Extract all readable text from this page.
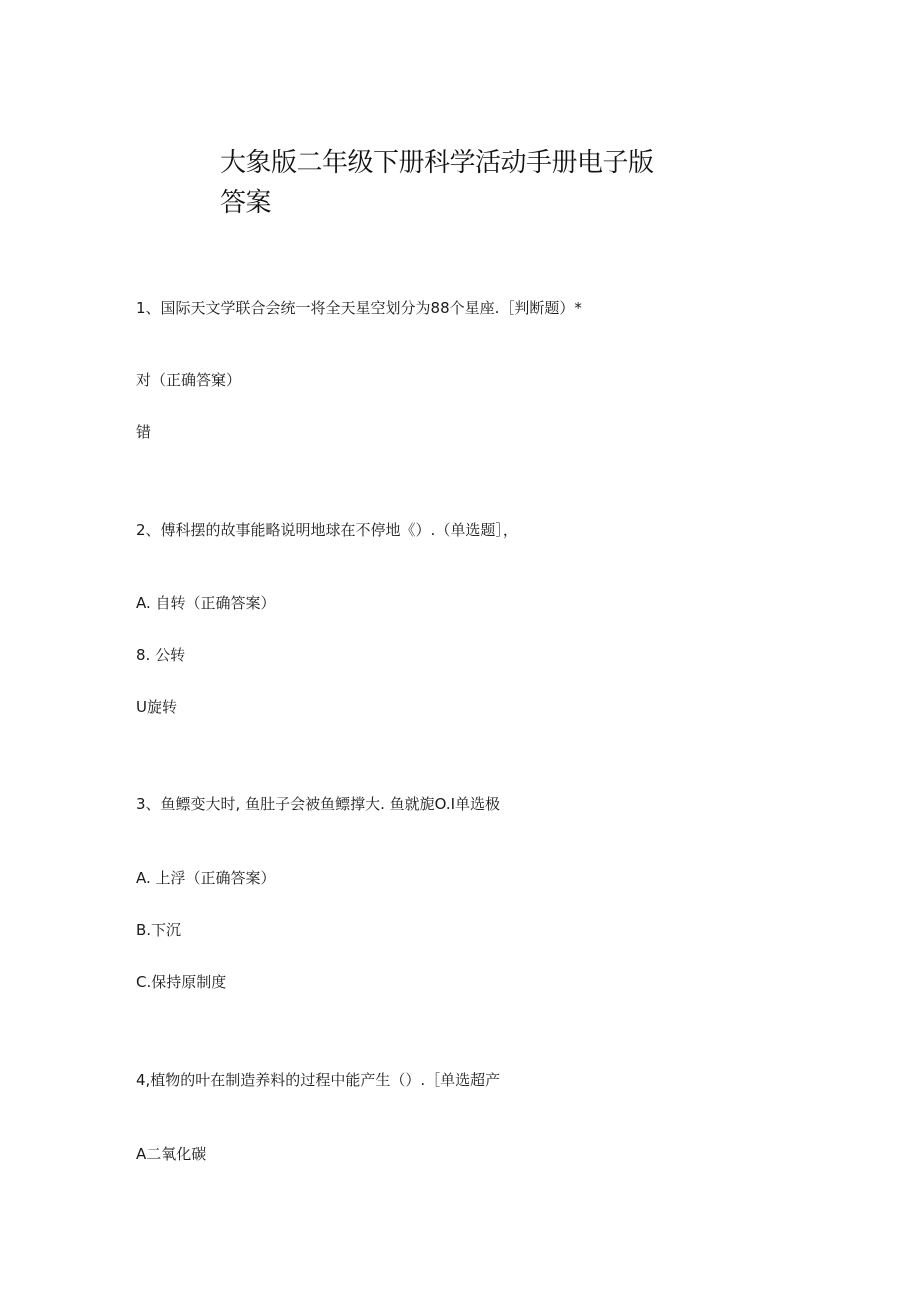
大象版二年级下册科学活动手册电子版答案
1、国际天文学联合会统一将全天星空划分为88个星座.［判断题）*
对（正确答窠）
错
2、傅科摆的故事能略说明地球在不停地《）.（单选题］，
A. 自转（正确答案）
8. 公转
U旋转
3、鱼鳔变大时, 鱼肚子会被鱼鳔撑大. 鱼就旎O.I单选极
A. 上浮（正确答案）
B.下沉
C.保持原制度
4,植物的叶在制造养料的过程中能产生（）.［单选超产
A二氧化碳
